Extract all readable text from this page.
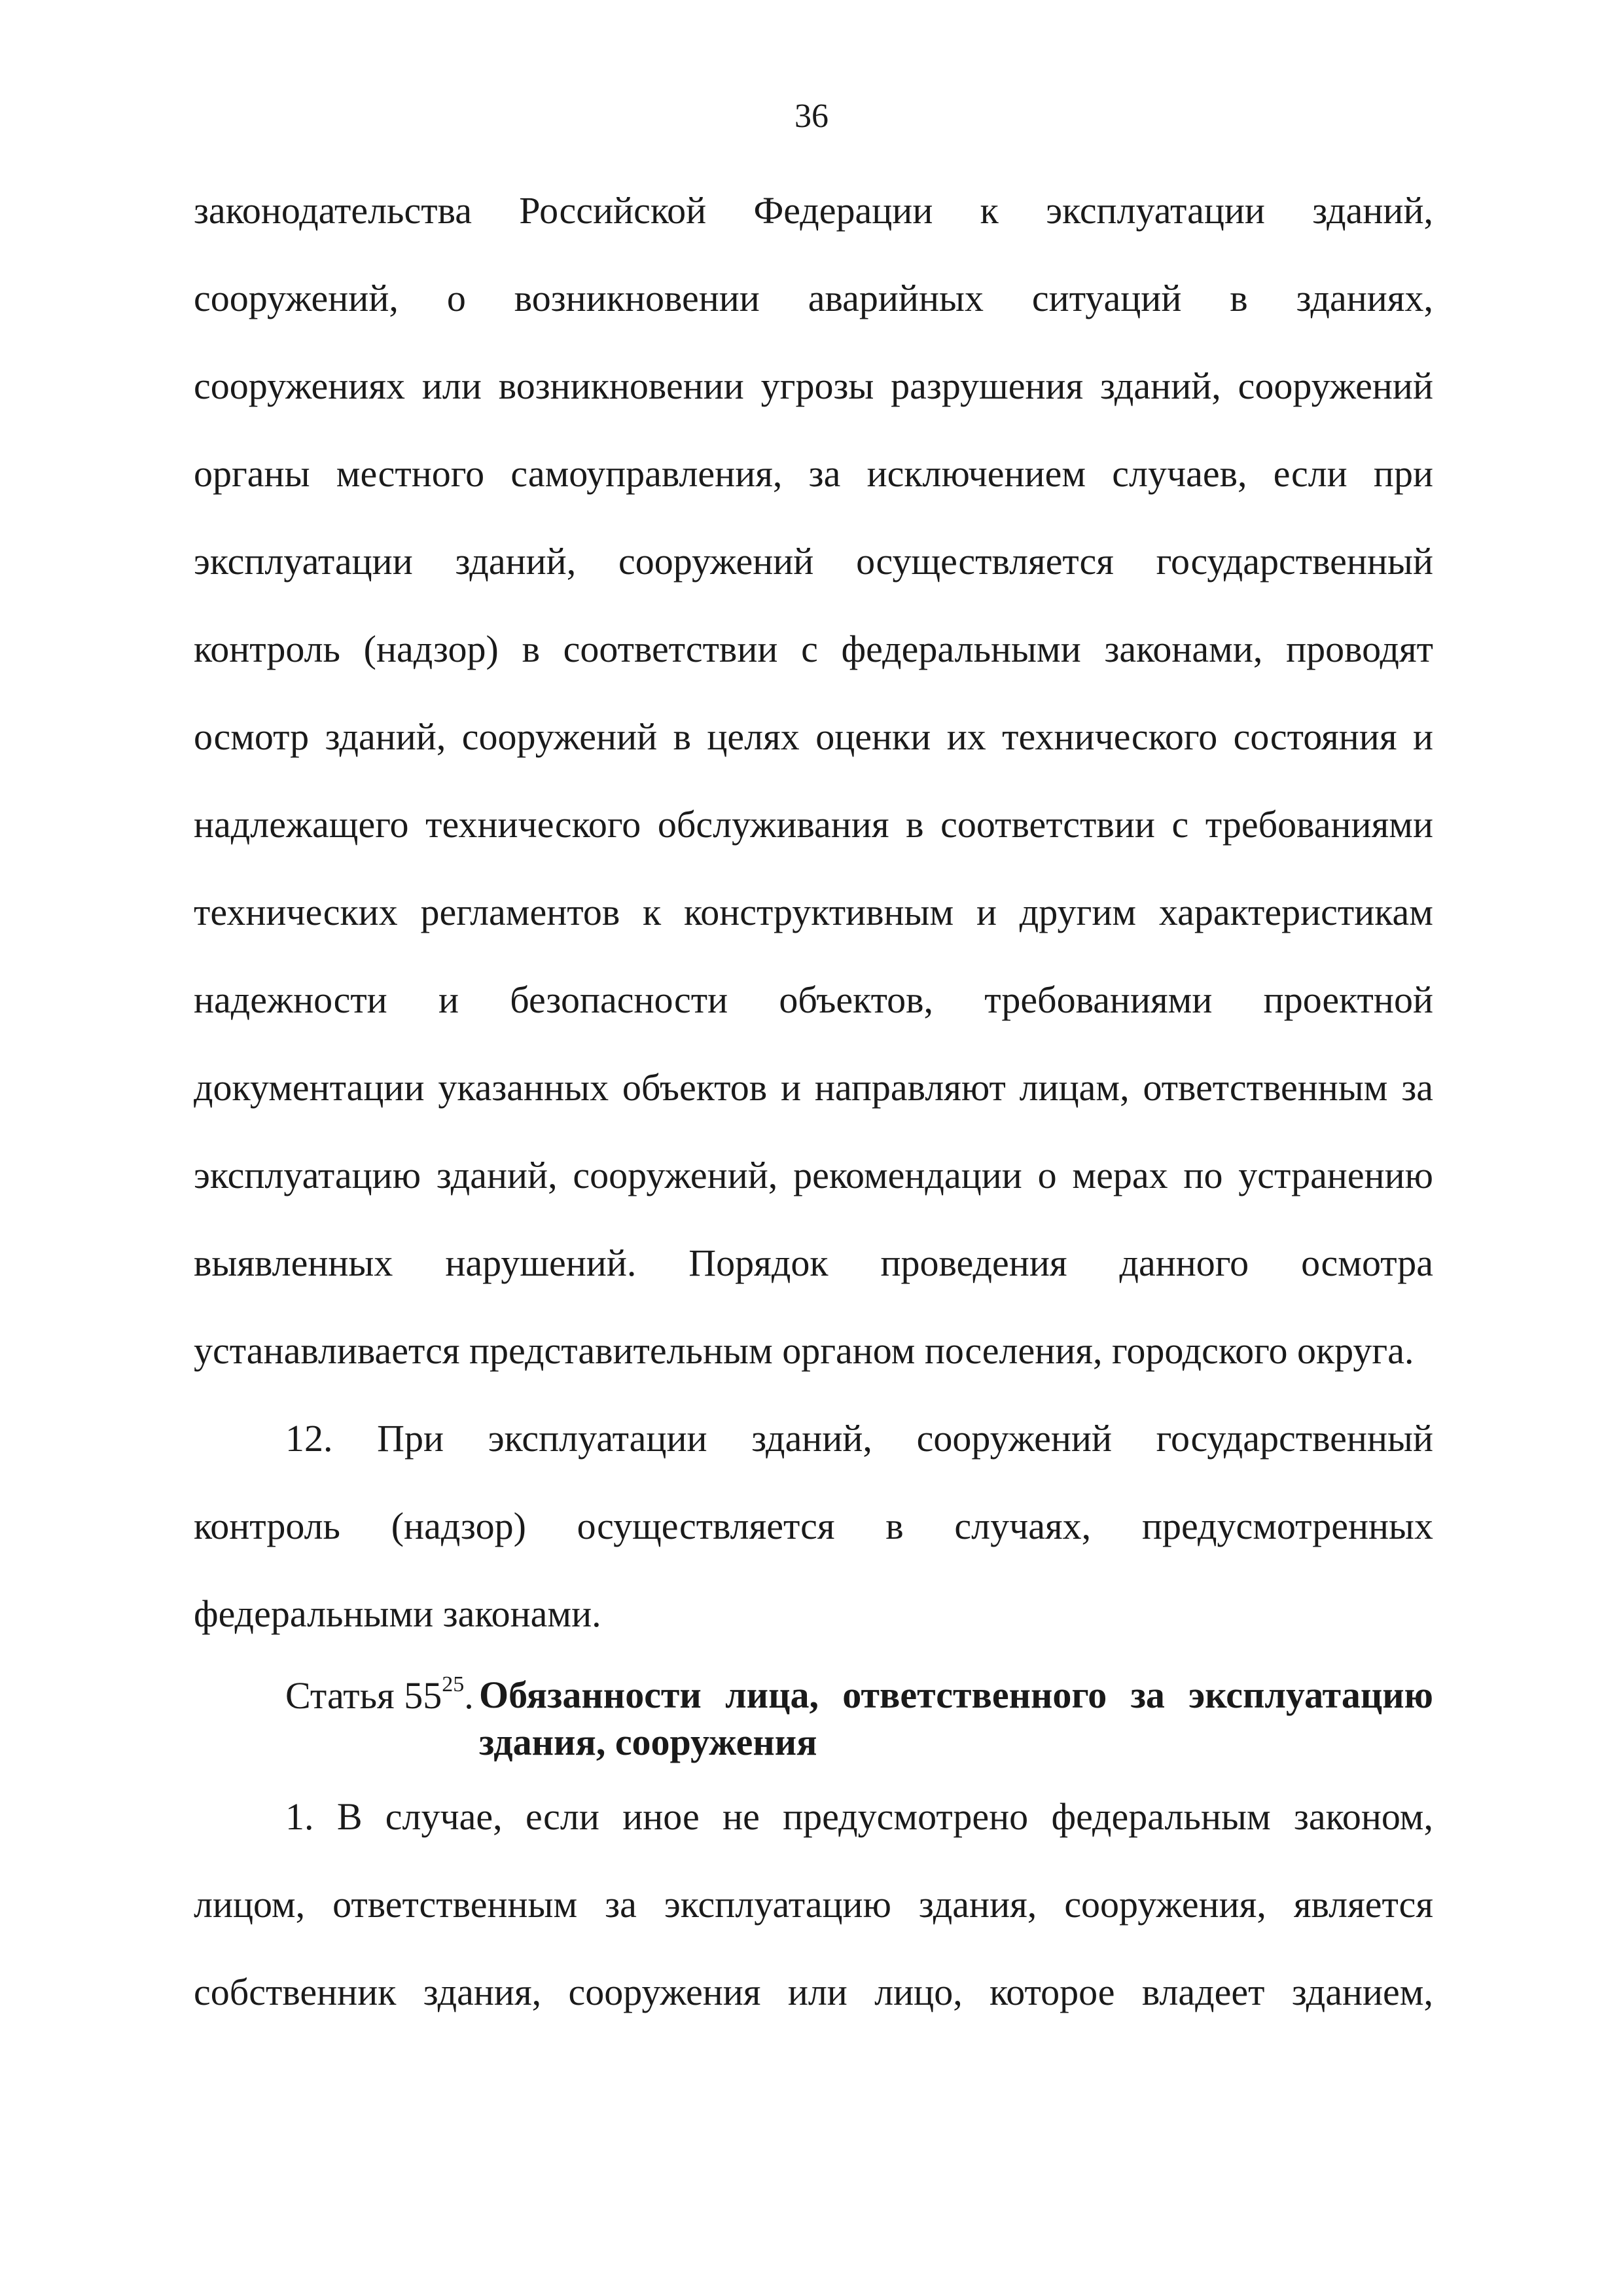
36
законодательства Российской Федерации к эксплуатации зданий,
сооружений, о возникновении аварийных ситуаций в зданиях,
сооружениях или возникновении угрозы разрушения зданий, сооружений
органы местного самоуправления, за исключением случаев, если при
эксплуатации зданий, сооружений осуществляется государственный
контроль (надзор) в соответствии с федеральными законами, проводят
осмотр зданий, сооружений в целях оценки их технического состояния и
надлежащего технического обслуживания в соответствии с требованиями
технических регламентов к конструктивным и другим характеристикам
надежности и безопасности объектов, требованиями проектной
документации указанных объектов и направляют лицам, ответственным за
эксплуатацию зданий, сооружений, рекомендации о мерах по устранению
выявленных нарушений. Порядок проведения данного осмотра
устанавливается представительным органом поселения, городского округа.
12. При эксплуатации зданий, сооружений государственный
контроль (надзор) осуществляется в случаях, предусмотренных
федеральными законами.
Статья $55^{25}$. Обязанности лица, ответственного за эксплуатацию
здания, сооружения
1. В случае, если иное не предусмотрено федеральным законом,
лицом, ответственным за эксплуатацию здания, сооружения, является
собственник здания, сооружения или лицо, которое владеет зданием,
